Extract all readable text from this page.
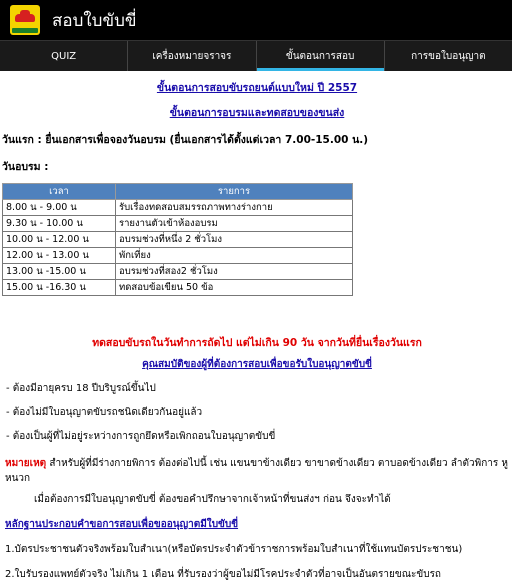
สอบใบขับขี่
QUIZ	เครื่องหมายจราจร	ขั้นตอนการสอบ	การขอใบอนุญาต
ขั้นตอนการสอบขับรถยนต์แบบใหม่ ปี 2557
ขั้นตอนการอบรมและทดสอบของขนส่ง
วันแรก : ยื่นเอกสารเพื่อจองวันอบรม (ยื่นเอกสารได้ตั้งแต่เวลา 7.00-15.00 น.)
วันอบรม :
เวลา	รายการ
8.00 น - 9.00 น	รับเรื่องทดสอบสมรรถภาพทางร่างกาย
9.30 น - 10.00 น	รายงานตัวเข้าห้องอบรม
10.00 น - 12.00 น	อบรมช่วงที่หนึ่ง 2 ชั่วโมง
12.00 น - 13.00 น	พักเที่ยง
13.00 น -15.00 น	อบรมช่วงที่สอง2 ชั่วโมง
15.00 น -16.30 น	ทดสอบข้อเขียน 50 ข้อ
ทดสอบขับรถในวันทำการถัดไป แต่ไม่เกิน 90 วัน จากวันที่ยื่นเรื่องวันแรก
คุณสมบัติของผู้ที่ต้องการสอบเพื่อขอรับใบอนุญาตขับขี่
- ต้องมีอายุครบ 18 ปีบริบูรณ์ขึ้นไป
- ต้องไม่มีใบอนุญาตขับรถชนิดเดียวกันอยู่แล้ว
- ต้องเป็นผู้ที่ไม่อยู่ระหว่างการถูกยึดหรือเพิกถอนใบอนุญาตขับขี่
หมายเหตุ สำหรับผู้ที่มีร่างกายพิการ ต้องต่อไปนี้ เช่น แขนขาข้างเดียว ขาขาดข้างเดียว ตาบอดข้างเดียว ลำตัวพิการ หูหนวก
เมื่อต้องการมีใบอนุญาตขับขี่ ต้องขอคำปรึกษาจากเจ้าหน้าที่ขนส่งฯ ก่อน จึงจะทำได้
หลักฐานประกอบคำขอการสอบเพื่อขออนุญาตมีใบขับขี่
1.บัตรประชาชนตัวจริงพร้อมใบสำเนา(หรือบัตรประจำตัวข้าราชการพร้อมใบสำเนาที่ใช้แทนบัตรประชาชน)
2.ใบรับรองแพทย์ตัวจริง ไม่เกิน 1 เดือน ที่รับรองว่าผู้ขอไม่มีโรคประจำตัวที่อาจเป็นอันตรายขณะขับรถ
